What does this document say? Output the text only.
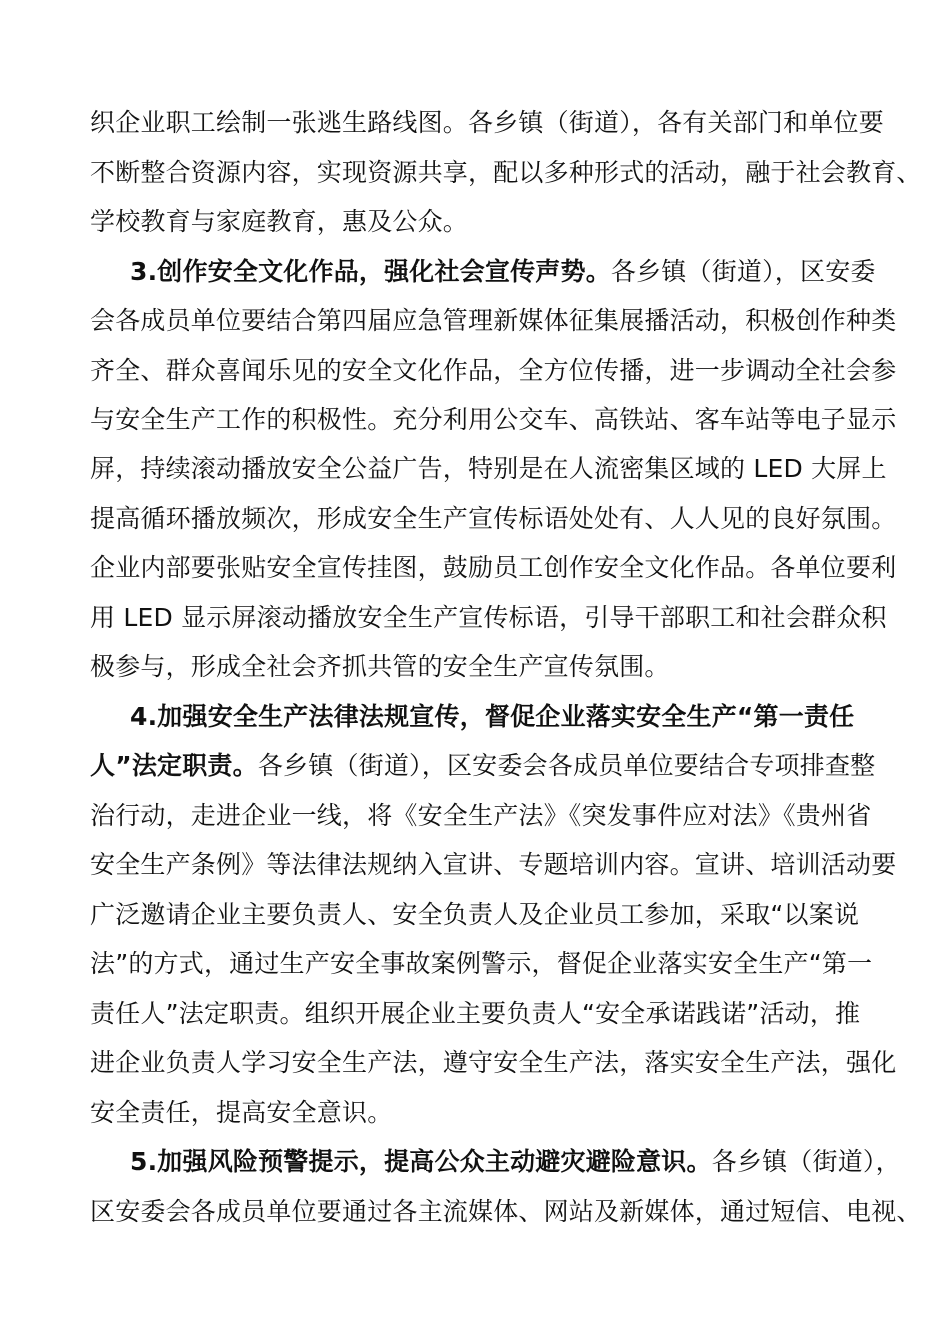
织企业职工绘制一张逃生路线图。各乡镇（街道），各有关部门和单位要
不断整合资源内容，实现资源共享，配以多种形式的活动，融于社会教育、
学校教育与家庭教育，惠及公众。
3.创作安全文化作品，强化社会宣传声势。各乡镇（街道），区安委
会各成员单位要结合第四届应急管理新媒体征集展播活动，积极创作种类
齐全、群众喜闻乐见的安全文化作品，全方位传播，进一步调动全社会参
与安全生产工作的积极性。充分利用公交车、高铁站、客车站等电子显示
屏，持续滚动播放安全公益广告，特别是在人流密集区域的 LED 大屏上
提高循环播放频次，形成安全生产宣传标语处处有、人人见的良好氛围。
企业内部要张贴安全宣传挂图，鼓励员工创作安全文化作品。各单位要利
用 LED 显示屏滚动播放安全生产宣传标语，引导干部职工和社会群众积
极参与，形成全社会齐抓共管的安全生产宣传氛围。
4.加强安全生产法律法规宣传，督促企业落实安全生产“第一责任
人”法定职责。各乡镇（街道），区安委会各成员单位要结合专项排查整
治行动，走进企业一线，将《安全生产法》《突发事件应对法》《贵州省
安全生产条例》等法律法规纳入宣讲、专题培训内容。宣讲、培训活动要
广泛邀请企业主要负责人、安全负责人及企业员工参加，采取“以案说
法”的方式，通过生产安全事故案例警示，督促企业落实安全生产“第一
责任人”法定职责。组织开展企业主要负责人“安全承诺践诺”活动，推
进企业负责人学习安全生产法，遵守安全生产法，落实安全生产法，强化
安全责任，提高安全意识。
5.加强风险预警提示，提高公众主动避灾避险意识。各乡镇（街道），
区安委会各成员单位要通过各主流媒体、网站及新媒体，通过短信、电视、
